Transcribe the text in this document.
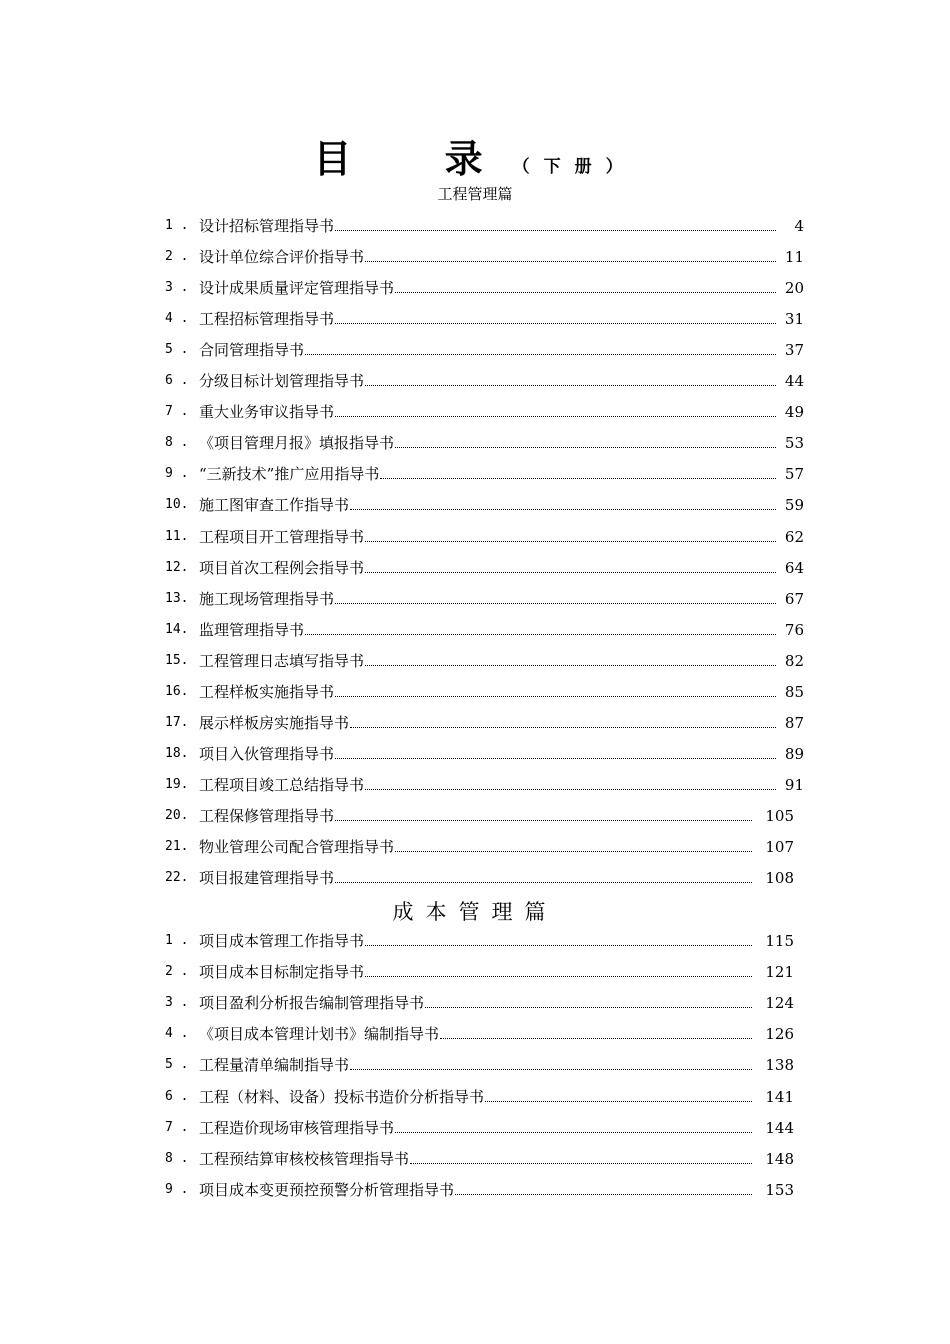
目 录（下册）
工程管理篇
1 . 设计招标管理指导书	4
2 . 设计单位综合评价指导书	11
3 . 设计成果质量评定管理指导书	20
4 . 工程招标管理指导书	31
5 . 合同管理指导书	37
6 . 分级目标计划管理指导书	44
7 . 重大业务审议指导书	49
8 . 《项目管理月报》填报指导书	53
9 . “三新技术”推广应用指导书	57
10. 施工图审查工作指导书	59
11. 工程项目开工管理指导书	62
12. 项目首次工程例会指导书	64
13. 施工现场管理指导书	67
14. 监理管理指导书	76
15. 工程管理日志填写指导书	82
16. 工程样板实施指导书	85
17. 展示样板房实施指导书	87
18. 项目入伙管理指导书	89
19. 工程项目竣工总结指导书	91
20. 工程保修管理指导书	105
21. 物业管理公司配合管理指导书	107
22. 项目报建管理指导书	108
成本管理篇
1 . 项目成本管理工作指导书	115
2 . 项目成本目标制定指导书	121
3 . 项目盈利分析报告编制管理指导书	124
4 . 《项目成本管理计划书》编制指导书	126
5 . 工程量清单编制指导书	138
6 . 工程（材料、设备）投标书造价分析指导书	141
7 . 工程造价现场审核管理指导书	144
8 . 工程预结算审核校核管理指导书	148
9 . 项目成本变更预控预警分析管理指导书	153
